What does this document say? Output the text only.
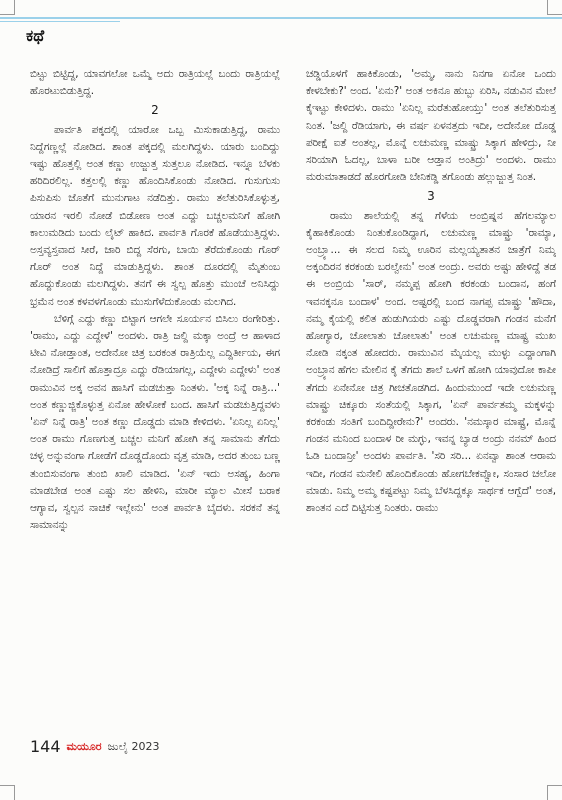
ಕಥೆ

ಬಿಟ್ಟು ಬಿಟ್ಟಿದ್ದ, ಯಾವಗಲೋ ಒಮ್ಮೆ ಅದು ರಾತ್ರಿಯಲ್ಲೆ ಬಂದು ರಾತ್ರಿಯಲ್ಲೆ ಹೊರಟುಬಿಡುತ್ತಿದ್ದ.

2

ಪಾರ್ವತಿ ಪಕ್ಕದಲ್ಲಿ ಯಾರೋ ಒಬ್ಬ ಮಿಸುಕಾಡುತ್ತಿದ್ದ, ರಾಮು ನಿದ್ದೆಗಣ್ಣಲ್ಲೆ ನೋಡಿದ. ಶಾಂತ ಪಕ್ಕದಲ್ಲಿ ಮಲಗಿದ್ದಳು. ಯಾರು ಬಂದಿದ್ದು ಇಷ್ಟು ಹೊತ್ತಲ್ಲಿ ಅಂತ ಕಣ್ಣು ಉಜ್ಜುತ್ತ ಸುತ್ತಲೂ ನೋಡಿದ. ಇನ್ನೂ ಬೆಳಕು ಹರಿದಿರಲಿಲ್ಲ. ಕತ್ತಲಲ್ಲಿ ಕಣ್ಣು ಹೊಂದಿಸಿಕೊಂಡು ನೋಡಿದ. ಗುಸುಗುಸು ಪಿಸುಪಿಸು ಜೊತೆಗೆ ಮುನುಗಾಟ ನಡೆದಿತ್ತು. ರಾಮು ತಲೆತುರಿಸಿಕೊಳ್ಳುತ್ತ, ಯಾರನ ಇರಲಿ ನೋಡೆ ಬಿಡೋಣ ಅಂತ ಎದ್ದು ಬಚ್ಚಲಮನಿಗೆ ಹೋಗಿ ಕಾಲುಮಡಿದು ಬಂದು ಲೈಟ್ ಹಾಕಿದ. ಪಾರ್ವತಿ ಗೊರಕೆ ಹೊಡೆಯುತ್ತಿದ್ದಳು. ಅಸ್ತವ್ಯಸ್ತವಾದ ಸೀರೆ, ಜಾರಿ ಬಿದ್ದ ಸೆರಗು, ಬಾಯಿ ತೆರೆದುಕೊಂಡು ಗೊರ್ ಗೊರ್ ಅಂತ ನಿದ್ದೆ ಮಾಡುತ್ತಿದ್ದಳು. ಶಾಂತ ದೂರದಲ್ಲಿ ಮೈತುಂಬ ಹೊದ್ದುಕೊಂಡು ಮಲಗಿದ್ದಳು. ತನಗೆ ಈ ಸ್ವಲ್ಪ ಹೊತ್ತು ಮುಂಚೆ ಅನಿಸಿದ್ದು ಭ್ರಮೆನ ಅಂತ ಕಳವಳಗೊಂಡು ಮುಸುಗೆಳೆದುಕೊಂಡು ಮಲಗಿದ.

ಬೆಳಿಗ್ಗೆ ಎದ್ದು ಕಣ್ಣು ಬಿಟ್ಟಾಗ ಆಗಲೇ ಸೂರ್ಯನ ಬಿಸಿಲು ರಂಗೇರಿತ್ತು. 'ರಾಮು, ಎದ್ದು ಎದ್ದೇಳೆ' ಅಂದಳು. ರಾತ್ರಿ ಜಲ್ದಿ ಮಕ್ಕಾ ಅಂದ್ರೆ ಆ ಹಾಳಾದ ಟೀವಿ ನೋಡ್ತಾಂತ, ಅದೇನೋ ಚಿತ್ರ ಬರಕಂತ ರಾತ್ರಿಯೆಲ್ಲ ಎದ್ದಿರ್ತೀಯ, ಈಗ ನೋಡಿದ್ರೆ ಸಾಲಿಗೆ ಹೊತ್ತಾದ್ರೂ ಎದ್ದು ರೆಡಿಯಾಗಲ್ಲ, ಎದ್ದೇಳು ಎದ್ದೇಳು' ಅಂತ ರಾಮುವಿನ ಅಕ್ಕ ಅವನ ಹಾಸಿಗೆ ಮಡಚುತ್ತಾ ನಿಂತಳು. 'ಅಕ್ಕ ನಿನ್ನೆ ರಾತ್ರಿ...' ಅಂತ ಕಣ್ಣುಜ್ಜಿಕೊಳ್ಳುತ್ತ ಏನೋ ಹೇಳೋಕೆ ಬಂದ. ಹಾಸಿಗೆ ಮಡಚುತ್ತಿದ್ದವಳು 'ಏನ್ ನಿನ್ನೆ ರಾತ್ರಿ' ಅಂತ ಕಣ್ಣು ದೊಡ್ಡದು ಮಾಡಿ ಕೇಳಿದಳು. 'ಏನಿಲ್ಲ ಏನಿಲ್ಲ' ಅಂತ ರಾಮು ಗೊಣಗುತ್ತ ಬಚ್ಚಲ ಮನಿಗೆ ಹೋಗಿ ತನ್ನ ಸಾಮಾನು ತೆಗೆದು ಚಳ್ಳ ಅನ್ನುವಂಗಾ ಗೋಡೆಗೆ ದೊಡ್ಡದೊಂದು ವೃತ್ತ ಮಾಡಿ, ಅದರ ತುಂಬ ಬಣ್ಣ ತುಂಬಿಸುವಂಗಾ ತುಂಬಿ ಖಾಲಿ ಮಾಡಿದ. 'ಏನ್ ಇದು ಅಸಹ್ಯ, ಹಿಂಗಾ ಮಾಡಬೇಡ ಅಂತ ಎಷ್ಟು ಸಲ ಹೇಳಿನಿ, ಮಾರೀ ಮ್ಯಾಲ ಮೀಸೆ ಬರಾಕ ಆಗ್ಯಾವ, ಸ್ವಲ್ಪನ ನಾಚಿಕೆ ಇಲ್ಲೇನು' ಅಂತ ಪಾರ್ವತಿ ಬೈದಳು. ಸರಕನೆ ತನ್ನ ಸಾಮಾನನ್ನು

ಚಡ್ಡಿಯೊಳಗೆ ಹಾಕಿಕೊಂಡು, 'ಅಮ್ಮ, ನಾನು ನಿನಗಾ ಏನೋ ಒಂದು ಕೇಳಬೇಕು?' ಅಂದ. 'ಏನು?' ಅಂತ ಅಕಿನೂ ಹುಬ್ಬು ಏರಿಸಿ, ನಡುವಿನ ಮೇಲೆ ಕೈಇಟ್ಟು ಕೇಳಿದಳು. ರಾಮು 'ಏನಿಲ್ಲ ಮರೆತುಹೋಯ್ತು' ಅಂತ ತಲೆತುರಿಸುತ್ತ ನಿಂತ. 'ಜಲ್ದಿ ರೆಡಿಯಾಗು, ಈ ವರ್ಷ ಏಳನತ್ತದು ಇದೀ, ಅದೇನೋ ದೊಡ್ಡ ಪರೀಕ್ಷೆ ಐತೆ ಅಂತಲ್ಲ, ಮೊನ್ನೆ ಲಚುಮಣ್ಣ ಮಾಷ್ಟ್ರು ಸಿಕ್ಕಾಗ ಹೇಳಿದ್ರು, ನೀ ಸರಿಯಾಗಿ ಓದಲ್ಲ, ಬಾಳಾ ಬರೀ ಆಡ್ತಾನ ಅಂತಿದ್ರು' ಅಂದಳು. ರಾಮು ಮರುಮಾತಾಡದೆ ಹೊರಗೋಡಿ ಬೇನಿಕಡ್ಡಿ ತಗೊಂಡು ಹಲ್ಲುಜ್ಜುತ್ತ ನಿಂತ.

3

ರಾಮು ಶಾಲೆಯಲ್ಲಿ ತನ್ನ ಗೆಳೆಯ ಅಂಬ್ರಿಷ್ನನ ಹೆಗಲಮ್ಯಾಲ ಕೈಹಾಕಿಕೊಂಡು ನಿಂತುಕೊಂಡಿದ್ದಾಗ, ಲಚುಮಣ್ಣ ಮಾಷ್ಟ್ರು 'ರಾಮ್ಯಾ, ಅಂಬ್ರ್ಯಾ... ಈ ಸಲದ ನಿಮ್ಮ ಊರಿನ ಮಲ್ಲಯ್ಯತಾತನ ಜಾತ್ರೆಗೆ ನಿಮ್ಮ ಅಕ್ಕಂದಿರನ ಕರಕಂಡು ಬರಲ್ವೇನು' ಅಂತ ಅಂದ್ರು. ಅವರು ಅಷ್ಟು ಹೇಳಿದ್ದೆ ತಡ ಈ ಅಂಬ್ರಿಯ 'ಸಾರ್, ನಮ್ಮಪ್ಪ ಹೋಗಿ ಕರಕಂಡು ಬಂದಾನ, ಹಂಗೆ ಇವನಕ್ಕನೂ ಬಂದಾಳ' ಅಂದ. ಅಷ್ಟರಲ್ಲಿ ಬಂದ ನಾಗಪ್ಪ ಮಾಷ್ಟ್ರು 'ಹೌದಾ, ನಮ್ಮ ಕೈಯಲ್ಲಿ ಕಲಿತ ಹುಡುಗಿಯರು ಎಷ್ಟು ದೊಡ್ಡವರಾಗಿ ಗಂಡನ ಮನೆಗೆ ಹೋಗ್ಯಾರ, ಚೋಲಾತು ಚೋಲಾತು' ಅಂತ ಲಚುಮಣ್ಣ ಮಾಷ್ಟ್ರ ಮುಖ ನೋಡಿ ನಕ್ಕಂತ ಹೋದರು. ರಾಮುವಿನ ಮೈಯಲ್ಲ ಮುಳ್ಳು ಎದ್ದಾಂಗಾಗಿ ಅಂಬ್ರ್ಯಾನ ಹೆಗಲ ಮೇಲಿನ ಕೈ ತೆಗದು ಶಾಲೆ ಒಳಗೆ ಹೋಗಿ ಯಾವುದೋ ಕಾಪೀ ತೆಗದು ಏನೇನೋ ಚಿತ್ರ ಗೀಚತೊಡಗಿದ. ಹಿಂದುಮುಂದೆ ಇದೇ ಲಚುಮಣ್ಣ ಮಾಷ್ಟ್ರು ಚಿಕ್ಕೂರು ಸಂತೆಯಲ್ಲಿ ಸಿಕ್ಕಾಗ, 'ಏನ್ ಪಾರ್ವತಮ್ಮ ಮಕ್ಕಳನ್ನು ಕರಕಂಡು ಸಂತಿಗೆ ಬಂದಿದ್ದೀರೇನು?' ಅಂದರು. 'ನಮಸ್ಕಾರ ಮಾಷ್ಟ್ರೆ, ಮೊನ್ನೆ ಗಂಡನ ಮನಿಂದ ಬಂದಾಳ ರೀ ಮಗ್ಳು, ಇವನ್ನ ಬ್ಯಾಡ ಅಂದ್ರು ನನಮ್ ಹಿಂದ ಓಡಿ ಬಂದಾನ್ರೀ' ಅಂದಳು ಪಾರ್ವತಿ. 'ಸರಿ ಸರಿ... ಏನವ್ವಾ ಶಾಂತ ಆರಾಮ ಇದೀ, ಗಂಡನ ಮನೇಲಿ ಹೊಂದಿಕೊಂಡು ಹೋಗಬೇಕವ್ವೋ, ಸಂಸಾರ ಚಲೋ ಮಾಡು. ನಿಮ್ಮ ಅಮ್ಮ ಕಷ್ಟಪಟ್ಟು ನಿಮ್ಮ ಬೆಳಸಿದ್ದಕ್ಕೂ ಸಾರ್ಥಕ ಆಗ್ಬೆದೆ' ಅಂತ, ಶಾಂತನ ಎದೆ ದಿಟ್ಟಿಸುತ್ತ ನಿಂತರು. ರಾಮು

144 ಮಯೂರ ಜುಲೈ 2023
